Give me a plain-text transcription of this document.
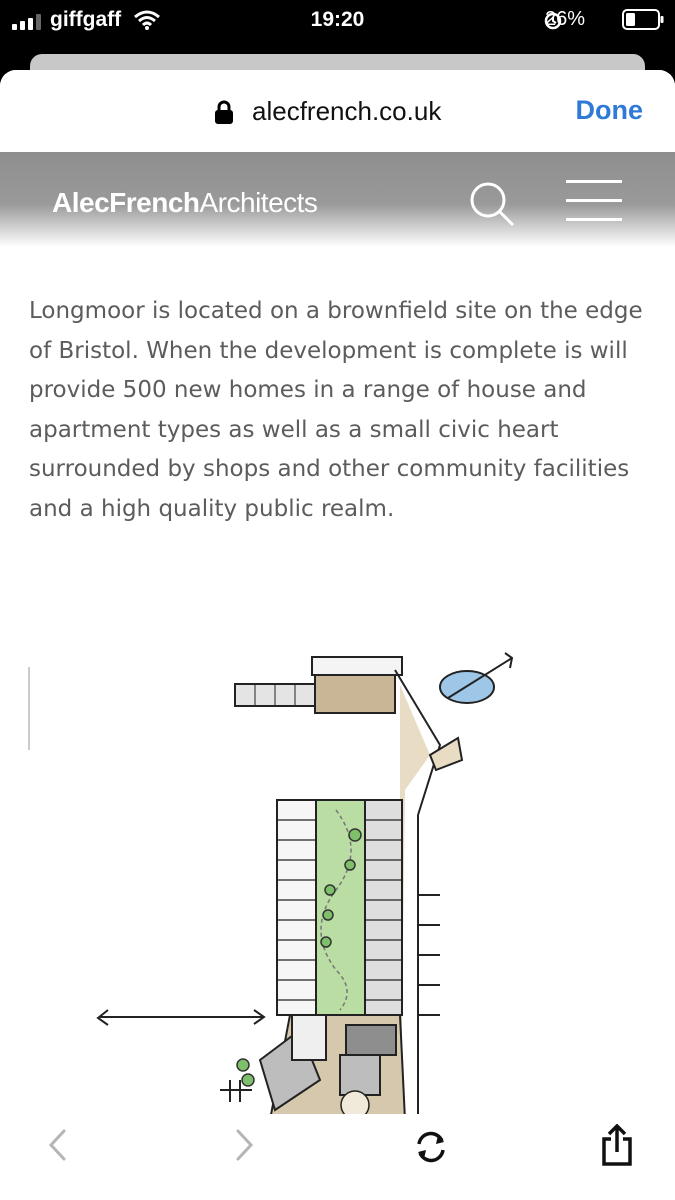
giffgaff	19:20	26%
alecfrench.co.uk	Done
AlecFrenchArchitects
Longmoor is located on a brownfield site on the edge of Bristol. When the development is complete is will provide 500 new homes in a range of house and apartment types as well as a small civic heart surrounded by shops and other community facilities and a high quality public realm.
